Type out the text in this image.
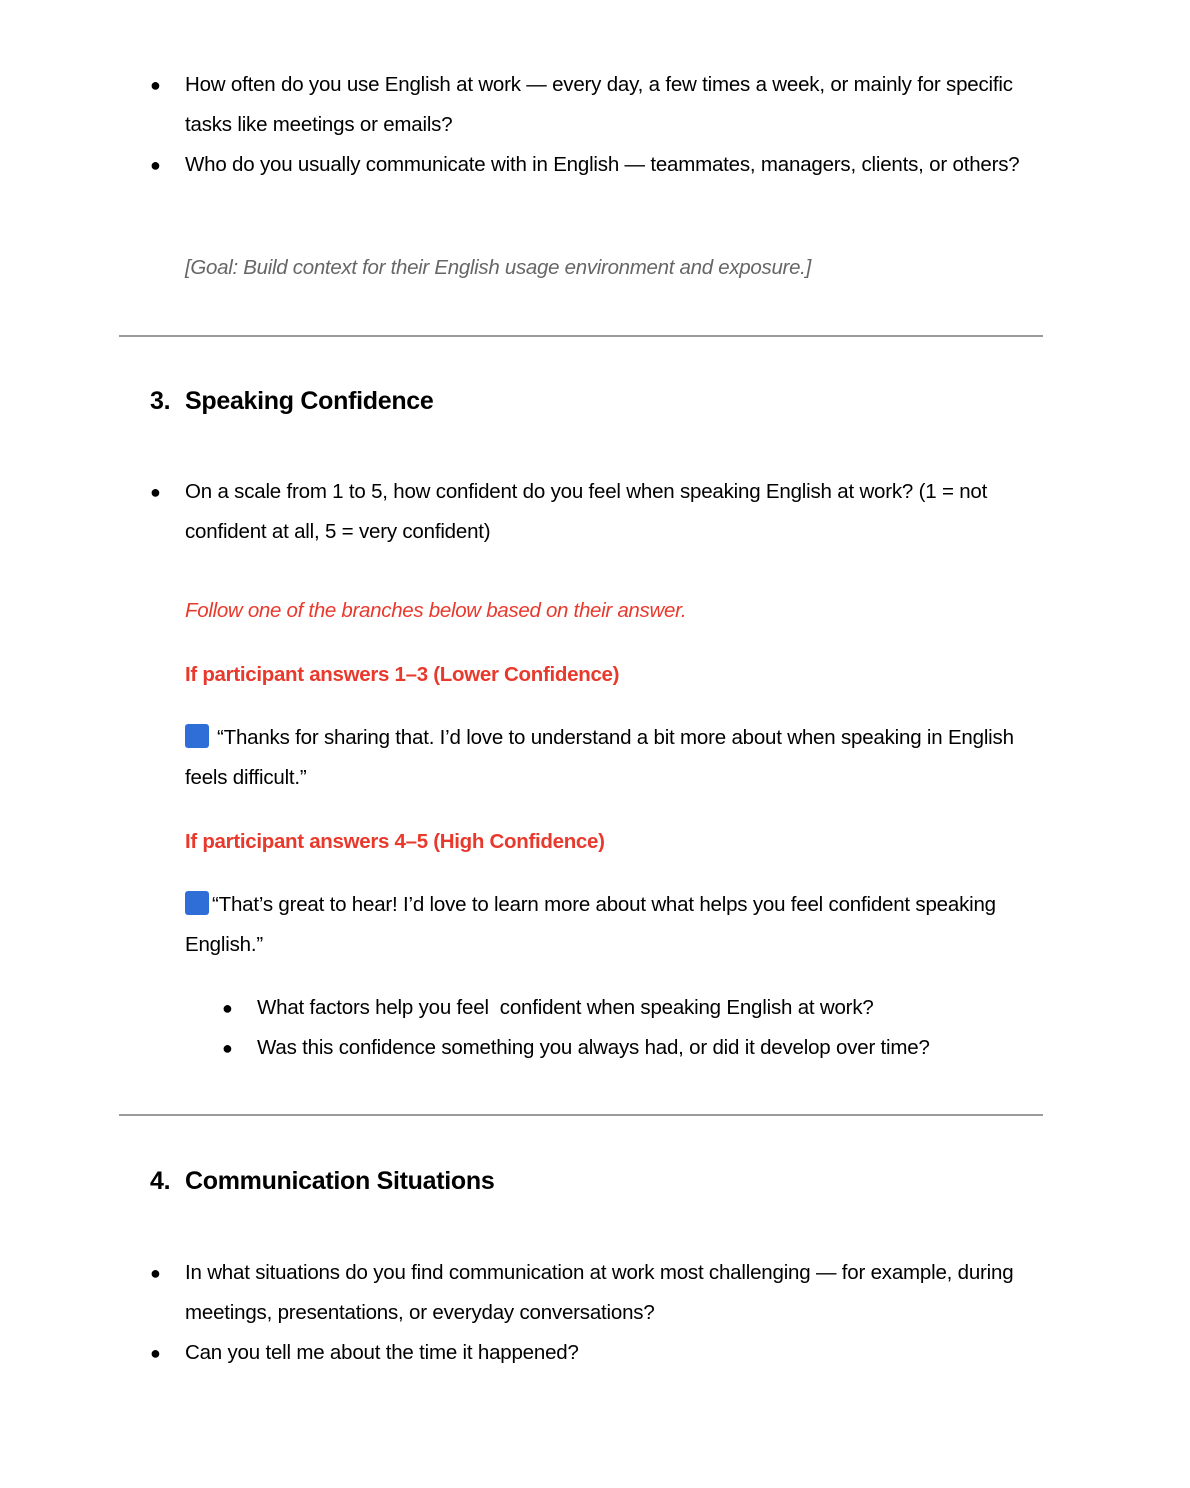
● How often do you use English at work — every day, a few times a week, or mainly for specific tasks like meetings or emails?
● Who do you usually communicate with in English — teammates, managers, clients, or others?
[Goal: Build context for their English usage environment and exposure.]
3. Speaking Confidence
● On a scale from 1 to 5, how confident do you feel when speaking English at work? (1 = not confident at all, 5 = very confident)
Follow one of the branches below based on their answer.
If participant answers 1–3 (Lower Confidence)
“Thanks for sharing that. I’d love to understand a bit more about when speaking in English feels difficult.”
If participant answers 4–5 (High Confidence)
“That’s great to hear! I’d love to learn more about what helps you feel confident speaking English.”
● What factors help you feel  confident when speaking English at work?
● Was this confidence something you always had, or did it develop over time?
4. Communication Situations
● In what situations do you find communication at work most challenging — for example, during meetings, presentations, or everyday conversations?
● Can you tell me about the time it happened?
